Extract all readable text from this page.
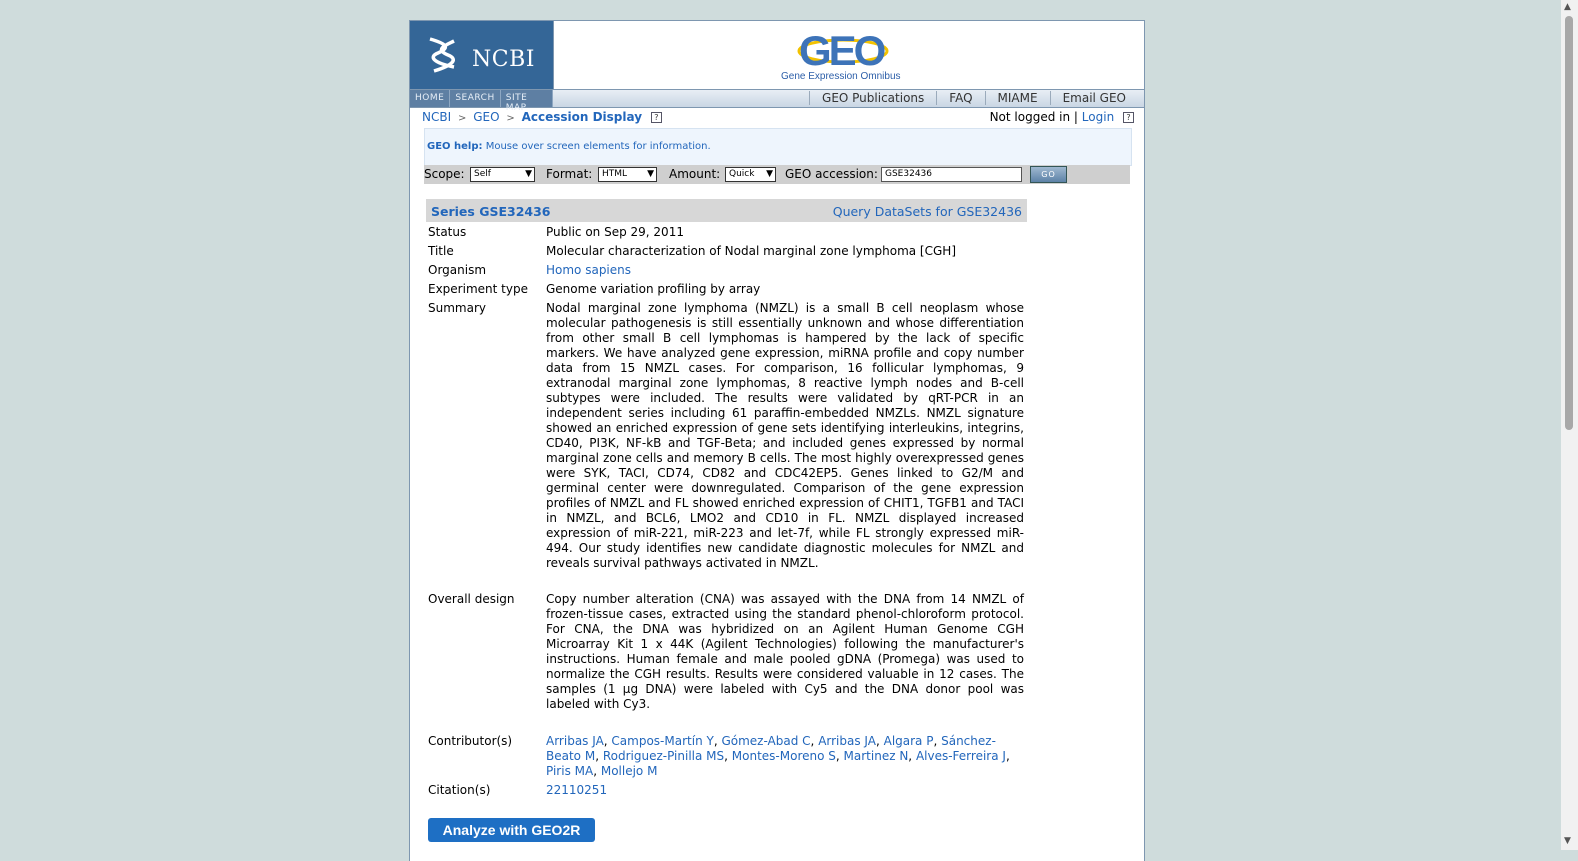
NCBI	GEO
Gene Expression Omnibus
HOME	SEARCH	SITE MAP
GEO Publications	FAQ	MIAME	Email GEO
NCBI > GEO > Accession Display ?	Not logged in | Login ?
GEO help: Mouse over screen elements for information.
Scope:	Self	▼ Format:	HTML ▼ Amount: Quick ▼ GEO accession: GSE32436	GO
Series GSE32436	Query DataSets for GSE32436
Status	Public on Sep 29, 2011
Title	Molecular characterization of Nodal marginal zone lymphoma [CGH]
Organism	Homo sapiens
Experiment type	Genome variation profiling by array
Summary	Nodal marginal zone lymphoma (NMZL) is a small B cell neoplasm whose molecular pathogenesis is still essentially unknown and whose differentiation from other small B cell lymphomas is hampered by the lack of specific markers. We have analyzed gene expression, miRNA profile and copy number data from 15 NMZL cases. For comparison, 16 follicular lymphomas, 9 extranodal marginal zone lymphomas, 8 reactive lymph nodes and B-cell subtypes were included. The results were validated by qRT-PCR in an independent series including 61 paraffin-embedded NMZLs. NMZL signature showed an enriched expression of gene sets identifying interleukins, integrins, CD40, PI3K, NF-kB and TGF-Beta; and included genes expressed by normal marginal zone cells and memory B cells. The most highly overexpressed genes were SYK, TACI, CD74, CD82 and CDC42EP5. Genes linked to G2/M and germinal center were downregulated. Comparison of the gene expression profiles of NMZL and FL showed enriched expression of CHIT1, TGFB1 and TACI in NMZL, and BCL6, LMO2 and CD10 in FL. NMZL displayed increased expression of miR-221, miR-223 and let-7f, while FL strongly expressed miR-494. Our study identifies new candidate diagnostic molecules for NMZL and reveals survival pathways activated in NMZL.
Overall design	Copy number alteration (CNA) was assayed with the DNA from 14 NMZL of frozen-tissue cases, extracted using the standard phenol-chloroform protocol. For CNA, the DNA was hybridized on an Agilent Human Genome CGH Microarray Kit 1 x 44K (Agilent Technologies) following the manufacturer's instructions. Human female and male pooled gDNA (Promega) was used to normalize the CGH results. Results were considered valuable in 12 cases. The samples (1 µg DNA) were labeled with Cy5 and the DNA donor pool was labeled with Cy3.
Contributor(s)	Arribas JA, Campos-Martín Y, Gómez-Abad C, Arribas JA, Algara P, Sánchez-Beato M, Rodriguez-Pinilla MS, Montes-Moreno S, Martinez N, Alves-Ferreira J, Piris MA, Mollejo M
Citation(s)	22110251
Analyze with GEO2R
▲
▼
